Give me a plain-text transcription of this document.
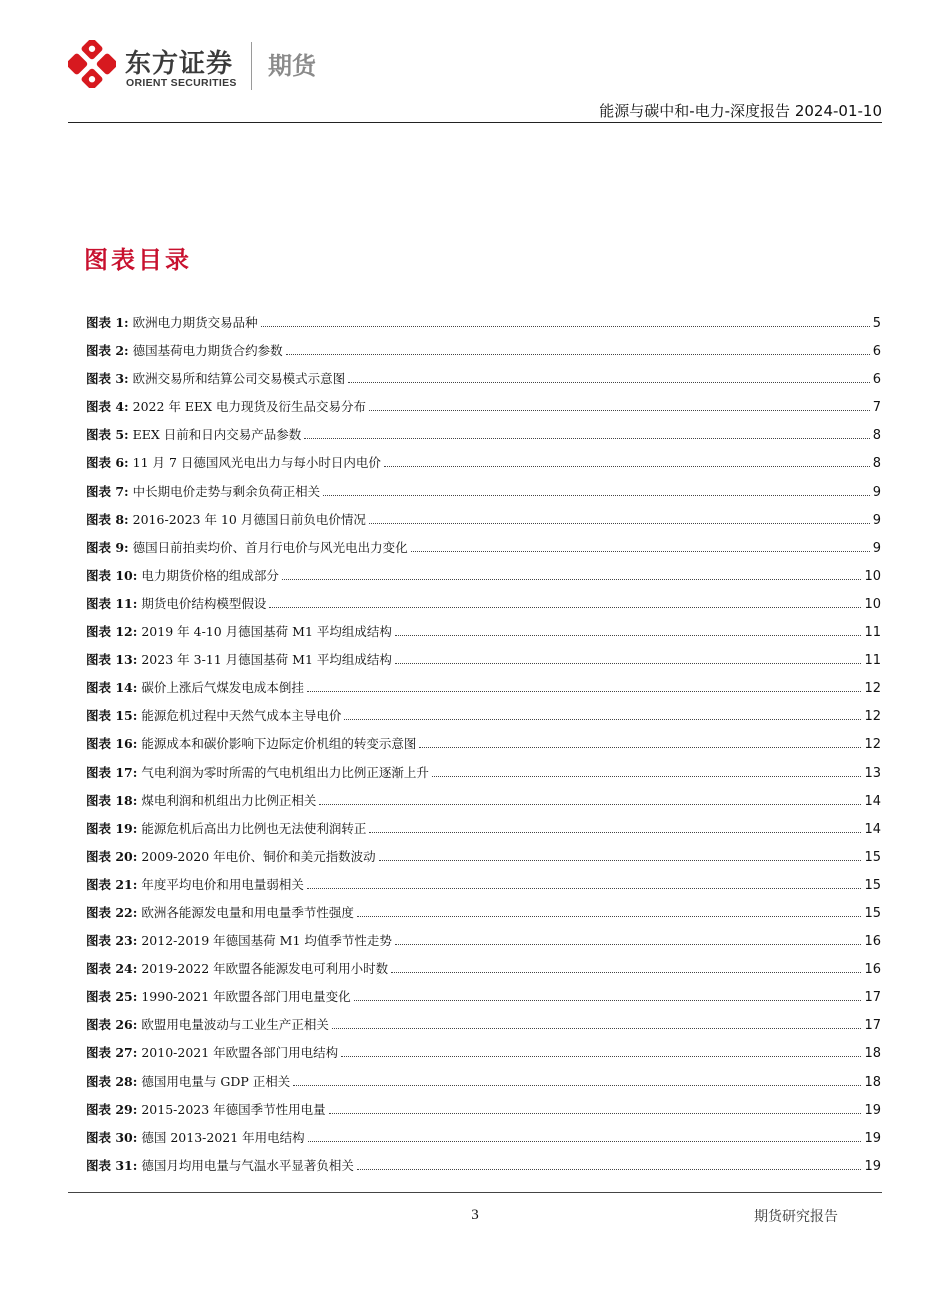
东方证券
ORIENT SECURITIES
期货
能源与碳中和-电力-深度报告 2024-01-10
图表目录
图表 1:
欧洲电力期货交易品种	5
图表 2:
德国基荷电力期货合约参数	6
图表 3:
欧洲交易所和结算公司交易模式示意图	6
图表 4:
2022 年 EEX 电力现货及衍生品交易分布	7
图表 5:
EEX 日前和日内交易产品参数	8
图表 6:
11 月 7 日德国风光电出力与每小时日内电价	8
图表 7:
中长期电价走势与剩余负荷正相关	9
图表 8:
2016-2023 年 10 月德国日前负电价情况	9
图表 9:
德国日前拍卖均价、首月行电价与风光电出力变化	9
图表 10:
电力期货价格的组成部分	10
图表 11:
期货电价结构模型假设	10
图表 12:
2019 年 4-10 月德国基荷 M1 平均组成结构	11
图表 13:
2023 年 3-11 月德国基荷 M1 平均组成结构	11
图表 14:
碳价上涨后气煤发电成本倒挂	12
图表 15:
能源危机过程中天然气成本主导电价	12
图表 16:
能源成本和碳价影响下边际定价机组的转变示意图	12
图表 17:
气电利润为零时所需的气电机组出力比例正逐渐上升	13
图表 18:
煤电利润和机组出力比例正相关	14
图表 19:
能源危机后高出力比例也无法使利润转正	14
图表 20:
2009-2020 年电价、铜价和美元指数波动	15
图表 21:
年度平均电价和用电量弱相关	15
图表 22:
欧洲各能源发电量和用电量季节性强度	15
图表 23:
2012-2019 年德国基荷 M1 均值季节性走势	16
图表 24:
2019-2022 年欧盟各能源发电可利用小时数	16
图表 25:
1990-2021 年欧盟各部门用电量变化	17
图表 26:
欧盟用电量波动与工业生产正相关	17
图表 27:
2010-2021 年欧盟各部门用电结构	18
图表 28:
德国用电量与 GDP 正相关	18
图表 29:
2015-2023 年德国季节性用电量	19
图表 30:
德国 2013-2021 年用电结构	19
图表 31:
德国月均用电量与气温水平显著负相关	19
3	期货研究报告
